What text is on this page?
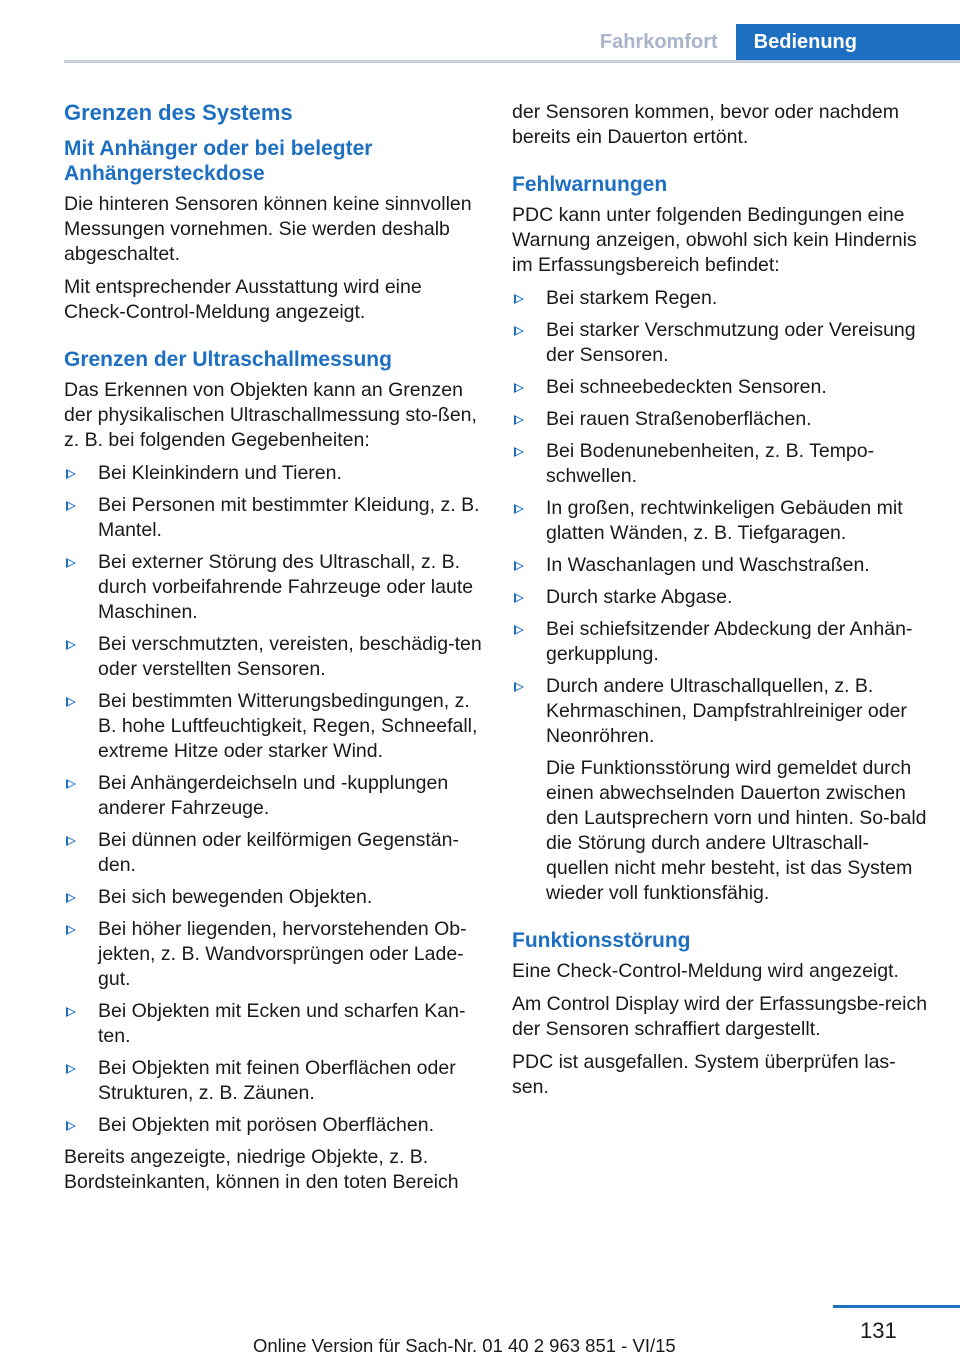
Fahrkomfort	Bedienung
Grenzen des Systems
Mit Anhänger oder bei belegter Anhängersteckdose

Die hinteren Sensoren können keine sinnvollen Messungen vornehmen. Sie werden deshalb abgeschaltet.

Mit entsprechender Ausstattung wird eine Check-Control-Meldung angezeigt.

Grenzen der Ultraschallmessung

Das Erkennen von Objekten kann an Grenzen der physikalischen Ultraschallmessung sto-ßen, z. B. bei folgenden Gegebenheiten:

Bei Kleinkindern und Tieren.
Bei Personen mit bestimmter Kleidung, z. B. Mantel.
Bei externer Störung des Ultraschall, z. B. durch vorbeifahrende Fahrzeuge oder laute Maschinen.
Bei verschmutzten, vereisten, beschädig-ten oder verstellten Sensoren.
Bei bestimmten Witterungsbedingungen, z. B. hohe Luftfeuchtigkeit, Regen, Schneefall, extreme Hitze oder starker Wind.
Bei Anhängerdeichseln und -kupplungen anderer Fahrzeuge.
Bei dünnen oder keilförmigen Gegenstän-den.
Bei sich bewegenden Objekten.
Bei höher liegenden, hervorstehenden Ob-jekten, z. B. Wandvorsprüngen oder Lade-gut.
Bei Objekten mit Ecken und scharfen Kan-ten.
Bei Objekten mit feinen Oberflächen oder Strukturen, z. B. Zäunen.
Bei Objekten mit porösen Oberflächen.

Bereits angezeigte, niedrige Objekte, z. B. Bordsteinkanten, können in den toten Bereich

der Sensoren kommen, bevor oder nachdem bereits ein Dauerton ertönt.

Fehlwarnungen

PDC kann unter folgenden Bedingungen eine Warnung anzeigen, obwohl sich kein Hindernis im Erfassungsbereich befindet:

Bei starkem Regen.
Bei starker Verschmutzung oder Vereisung der Sensoren.
Bei schneebedeckten Sensoren.
Bei rauen Straßenoberflächen.
Bei Bodenunebenheiten, z. B. Tempo-schwellen.
In großen, rechtwinkeligen Gebäuden mit glatten Wänden, z. B. Tiefgaragen.
In Waschanlagen und Waschstraßen.
Durch starke Abgase.
Bei schiefsitzender Abdeckung der Anhän-gerkupplung.
Durch andere Ultraschallquellen, z. B. Kehrmaschinen, Dampfstrahlreiniger oder Neonröhren.

Die Funktionsstörung wird gemeldet durch einen abwechselnden Dauerton zwischen den Lautsprechern vorn und hinten. So-bald die Störung durch andere Ultraschall-quellen nicht mehr besteht, ist das System wieder voll funktionsfähig.

Funktionsstörung

Eine Check-Control-Meldung wird angezeigt.

Am Control Display wird der Erfassungsbe-reich der Sensoren schraffiert dargestellt.

PDC ist ausgefallen. System überprüfen las-sen.

131
Online Version für Sach-Nr. 01 40 2 963 851 - VI/15
